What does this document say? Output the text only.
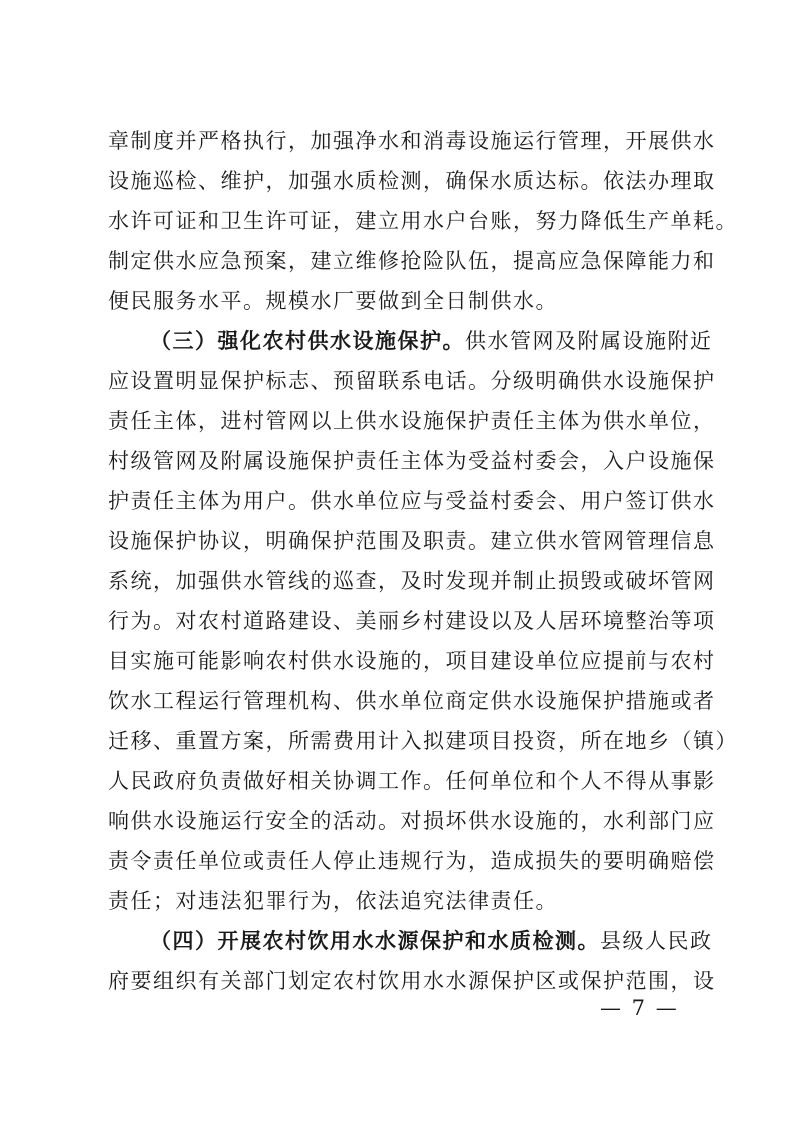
章制度并严格执行，加强净水和消毒设施运行管理，开展供水
设施巡检、维护，加强水质检测，确保水质达标。依法办理取
水许可证和卫生许可证，建立用水户台账，努力降低生产单耗。
制定供水应急预案，建立维修抢险队伍，提高应急保障能力和
便民服务水平。规模水厂要做到全日制供水。
（三）强化农村供水设施保护。供水管网及附属设施附近
应设置明显保护标志、预留联系电话。分级明确供水设施保护
责任主体，进村管网以上供水设施保护责任主体为供水单位，
村级管网及附属设施保护责任主体为受益村委会，入户设施保
护责任主体为用户。供水单位应与受益村委会、用户签订供水
设施保护协议，明确保护范围及职责。建立供水管网管理信息
系统，加强供水管线的巡查，及时发现并制止损毁或破坏管网
行为。对农村道路建设、美丽乡村建设以及人居环境整治等项
目实施可能影响农村供水设施的，项目建设单位应提前与农村
饮水工程运行管理机构、供水单位商定供水设施保护措施或者
迁移、重置方案，所需费用计入拟建项目投资，所在地乡（镇）
人民政府负责做好相关协调工作。任何单位和个人不得从事影
响供水设施运行安全的活动。对损坏供水设施的，水利部门应
责令责任单位或责任人停止违规行为，造成损失的要明确赔偿
责任；对违法犯罪行为，依法追究法律责任。
（四）开展农村饮用水水源保护和水质检测。县级人民政
府要组织有关部门划定农村饮用水水源保护区或保护范围，设
— 7 —
